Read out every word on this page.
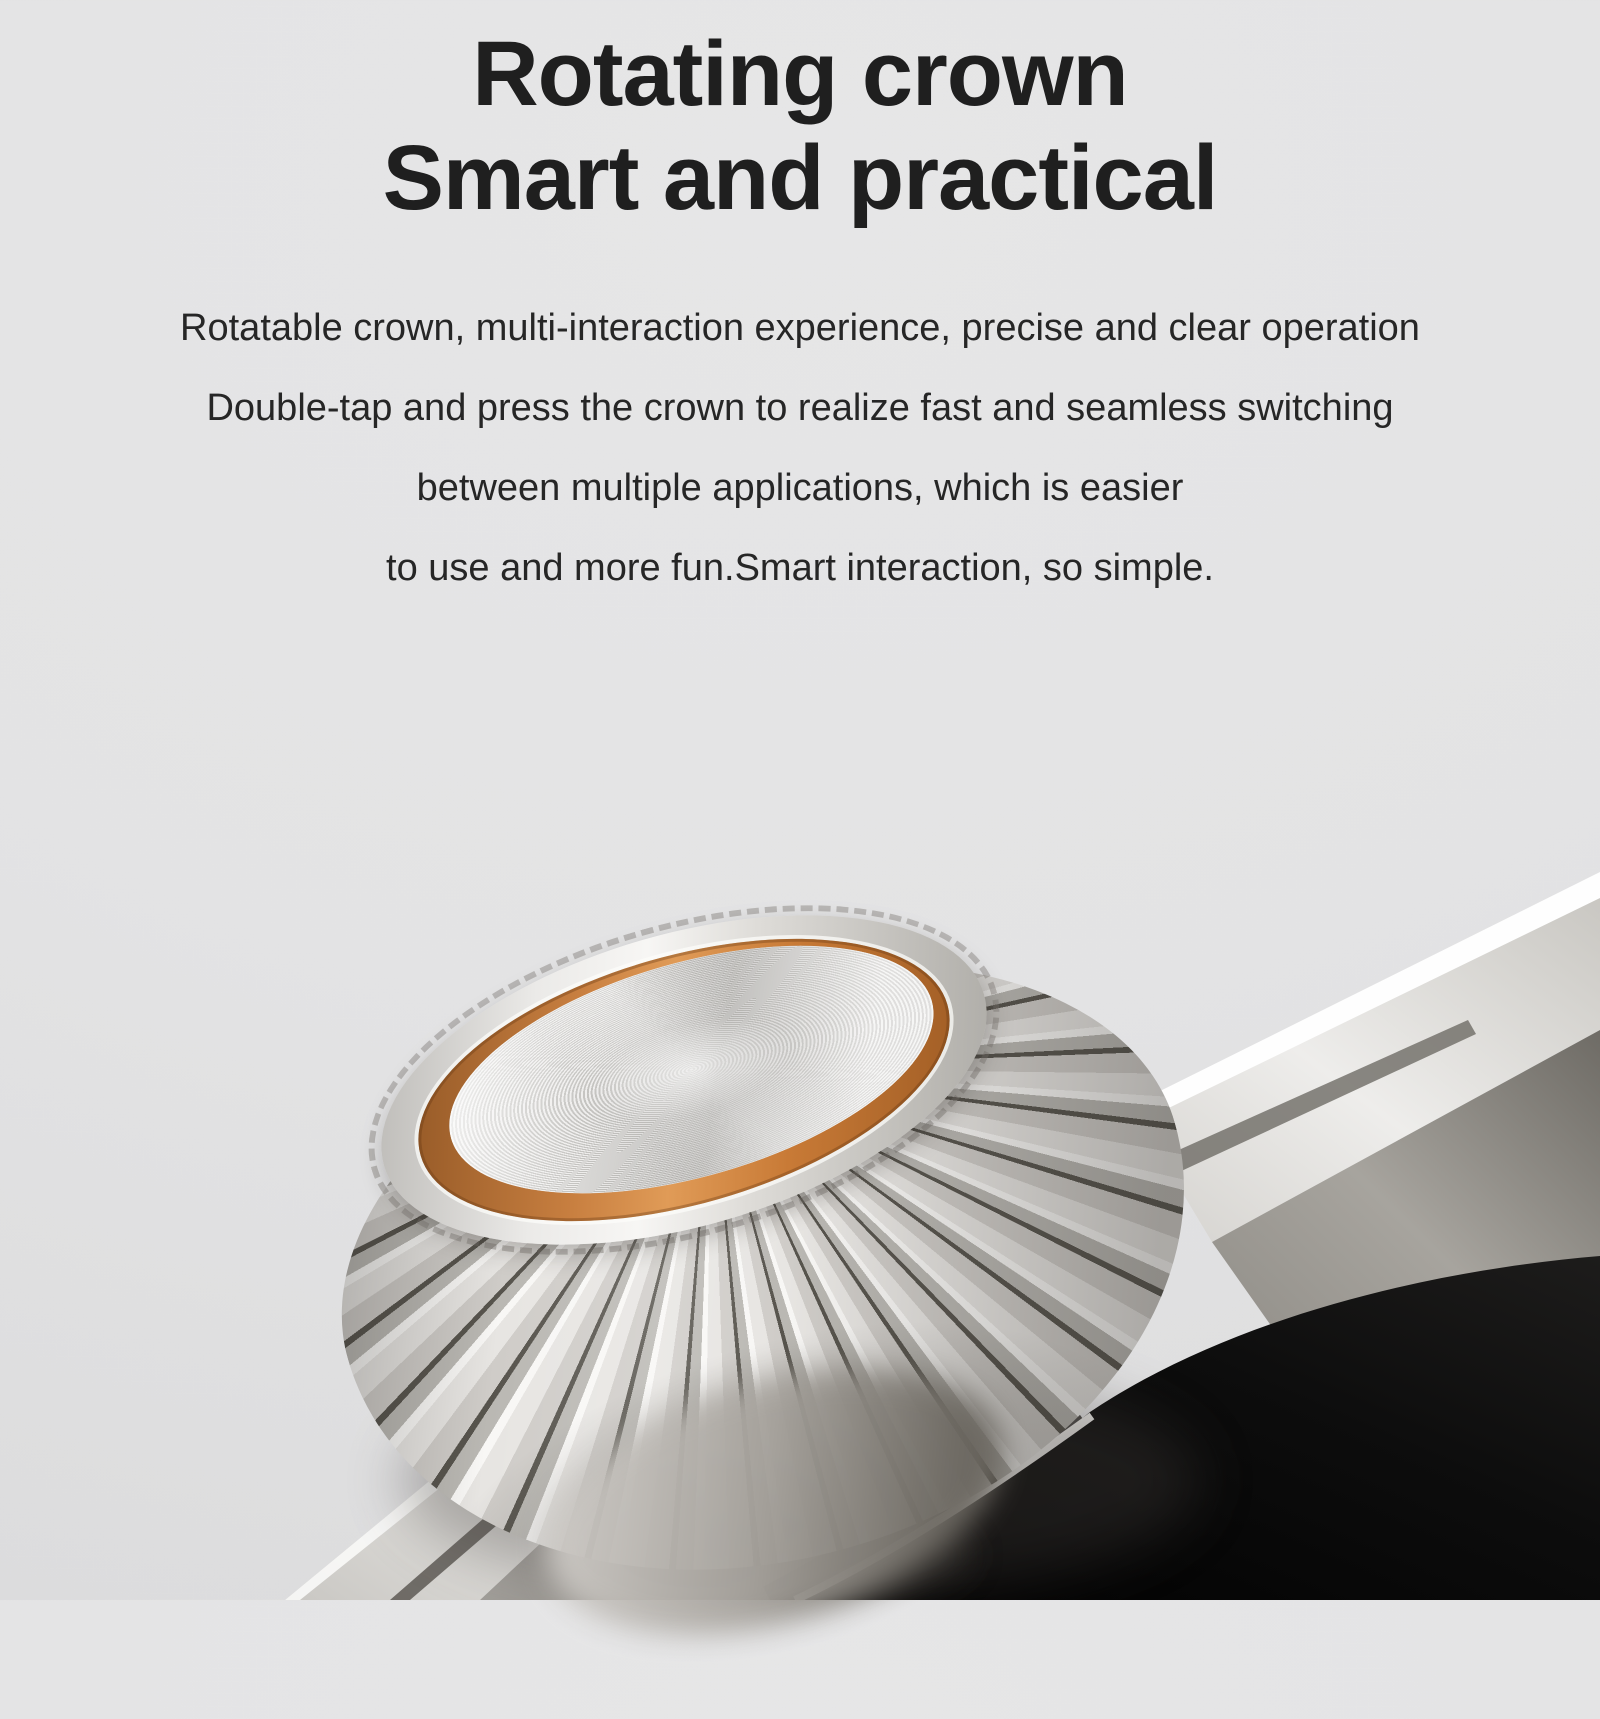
Rotating crown
Smart and practical

Rotatable crown, multi-interaction experience, precise and clear operation

Double-tap and press the crown to realize fast and seamless switching

between multiple applications, which is easier

to use and more fun.Smart interaction, so simple.
